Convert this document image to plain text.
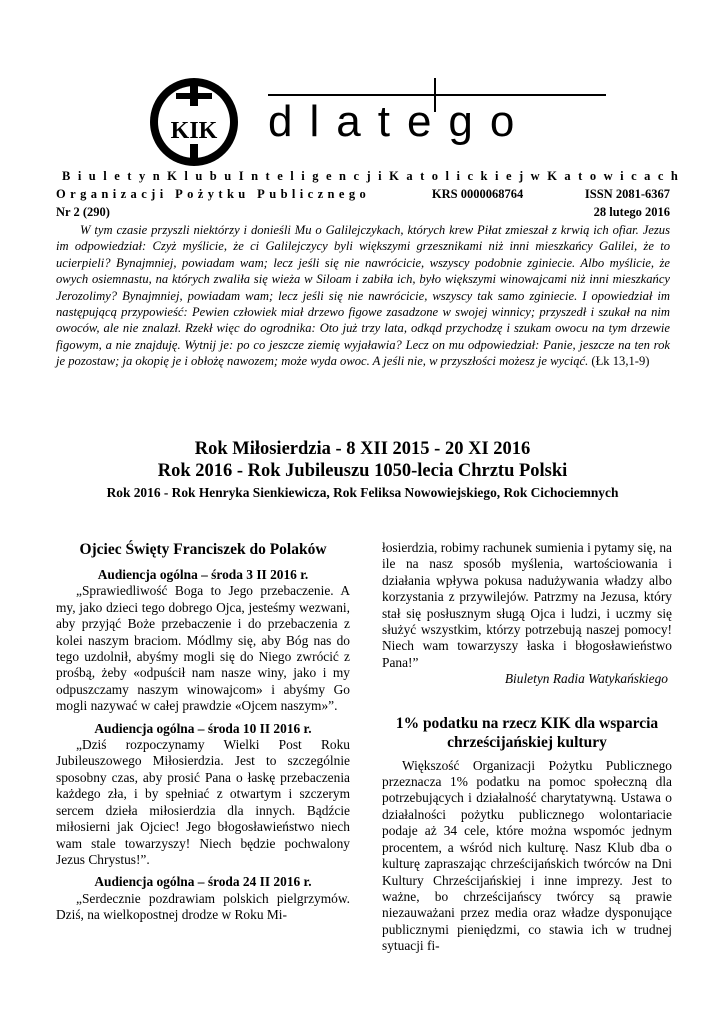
KIK dlatego
Biuletyn Klubu Inteligencji Katolickiej w Katowicach
Organizacji Pożytku Publicznego	KRS 0000068764	ISSN 2081-6367
Nr 2 (290)	28 lutego 2016
W tym czasie przyszli niektórzy i donieśli Mu o Galilejczykach, których krew Piłat zmieszał z krwią ich ofiar. Jezus im odpowiedział: Czyż myślicie, że ci Galilejczycy byli większymi grzesznikami niż inni mieszkańcy Galilei, że to ucierpieli? Bynajmniej, powiadam wam; lecz jeśli się nie nawrócicie, wszyscy podobnie zginiecie. Albo myślicie, że owych osiemnastu, na których zwaliła się wieża w Siloam i zabiła ich, było większymi winowajcami niż inni mieszkańcy Jerozolimy? Bynajmniej, powiadam wam; lecz jeśli się nie nawrócicie, wszyscy tak samo zginiecie. I opowiedział im następującą przypowieść: Pewien człowiek miał drzewo figowe zasadzone w swojej winnicy; przyszedł i szukał na nim owoców, ale nie znalazł. Rzekł więc do ogrodnika: Oto już trzy lata, odkąd przychodzę i szukam owocu na tym drzewie figowym, a nie znajduję. Wytnij je: po co jeszcze ziemię wyjaławia? Lecz on mu odpowiedział: Panie, jeszcze na ten rok je pozostaw; ja okopię je i obłożę nawozem; może wyda owoc. A jeśli nie, w przyszłości możesz je wyciąć. (Łk 13,1-9)
Rok Miłosierdzia - 8 XII 2015 - 20 XI 2016
Rok 2016 - Rok Jubileuszu 1050-lecia Chrztu Polski
Rok 2016 - Rok Henryka Sienkiewicza, Rok Feliksa Nowowiejskiego, Rok Cichociemnych
Ojciec Święty Franciszek do Polaków
Audiencja ogólna – środa 3 II 2016 r.

„Sprawiedliwość Boga to Jego przebaczenie. A my, jako dzieci tego dobrego Ojca, jesteśmy wezwani, aby przyjąć Boże przebaczenie i do przebaczenia z kolei naszym braciom. Módlmy się, aby Bóg nas do tego uzdolnił, abyśmy mogli się do Niego zwrócić z prośbą, żeby «odpuścił nam nasze winy, jako i my odpuszczamy naszym winowajcom» i abyśmy Go mogli nazywać w całej prawdzie «Ojcem naszym»”.

Audiencja ogólna – środa 10 II 2016 r.

„Dziś rozpoczynamy Wielki Post Roku Jubileuszowego Miłosierdzia. Jest to szczególnie sposobny czas, aby prosić Pana o łaskę przebaczenia każdego zła, i by spełniać z otwartym i szczerym sercem dzieła miłosierdzia dla innych. Bądźcie miłosierni jak Ojciec! Jego błogosławieństwo niech wam stale towarzyszy! Niech będzie pochwalony Jezus Chrystus!”.

Audiencja ogólna – środa 24 II 2016 r.

„Serdecznie pozdrawiam polskich pielgrzymów. Dziś, na wielkopostnej drodze w Roku Mi-

łosierdzia, robimy rachunek sumienia i pytamy się, na ile na nasz sposób myślenia, wartościowania i działania wpływa pokusa nadużywania władzy albo korzystania z przywilejów. Patrzmy na Jezusa, który stał się posłusznym sługą Ojca i ludzi, i uczmy się służyć wszystkim, którzy potrzebują naszej pomocy! Niech wam towarzyszy łaska i błogosławieństwo Pana!”

Biuletyn Radia Watykańskiego
1% podatku na rzecz KIK dla wsparcia chrześcijańskiej kultury

Większość Organizacji Pożytku Publicznego przeznacza 1% podatku na pomoc społeczną dla potrzebujących i działalność charytatywną. Ustawa o działalności pożytku publicznego wolontariacie podaje aż 34 cele, które można wspomóc jednym procentem, a wśród nich kulturę. Nasz Klub dba o kulturę zapraszając chrześcijańskich twórców na Dni Kultury Chrześcijańskiej i inne imprezy. Jest to ważne, bo chrześcijańscy twórcy są prawie niezauważani przez media oraz władze dysponujące publicznymi pieniędzmi, co stawia ich w trudnej sytuacji fi-
